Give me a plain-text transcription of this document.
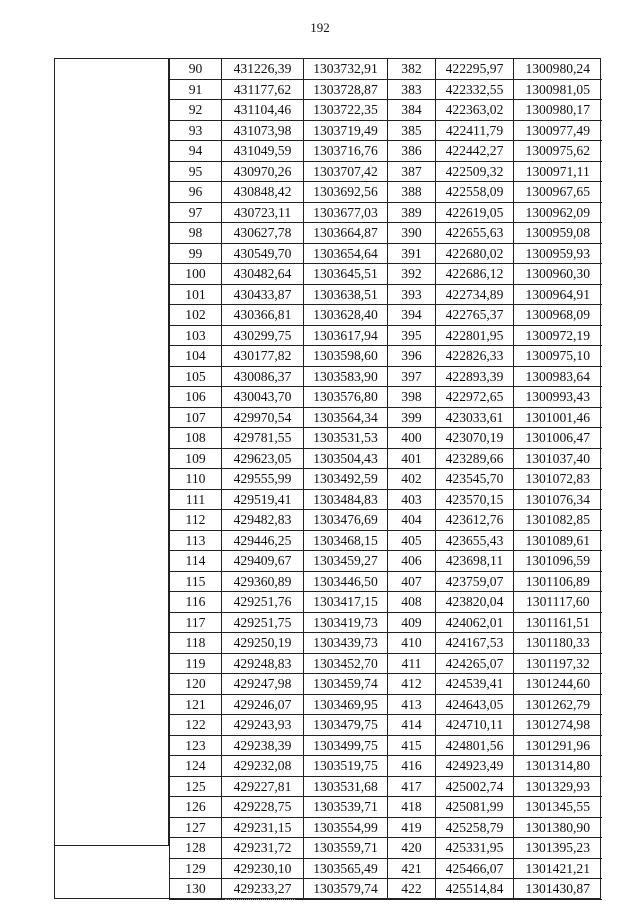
192
90	431226,39	1303732,91	382	422295,97	1300980,24
91	431177,62	1303728,87	383	422332,55	1300981,05
92	431104,46	1303722,35	384	422363,02	1300980,17
93	431073,98	1303719,49	385	422411,79	1300977,49
94	431049,59	1303716,76	386	422442,27	1300975,62
95	430970,26	1303707,42	387	422509,32	1300971,11
96	430848,42	1303692,56	388	422558,09	1300967,65
97	430723,11	1303677,03	389	422619,05	1300962,09
98	430627,78	1303664,87	390	422655,63	1300959,08
99	430549,70	1303654,64	391	422680,02	1300959,93
100	430482,64	1303645,51	392	422686,12	1300960,30
101	430433,87	1303638,51	393	422734,89	1300964,91
102	430366,81	1303628,40	394	422765,37	1300968,09
103	430299,75	1303617,94	395	422801,95	1300972,19
104	430177,82	1303598,60	396	422826,33	1300975,10
105	430086,37	1303583,90	397	422893,39	1300983,64
106	430043,70	1303576,80	398	422972,65	1300993,43
107	429970,54	1303564,34	399	423033,61	1301001,46
108	429781,55	1303531,53	400	423070,19	1301006,47
109	429623,05	1303504,43	401	423289,66	1301037,40
110	429555,99	1303492,59	402	423545,70	1301072,83
111	429519,41	1303484,83	403	423570,15	1301076,34
112	429482,83	1303476,69	404	423612,76	1301082,85
113	429446,25	1303468,15	405	423655,43	1301089,61
114	429409,67	1303459,27	406	423698,11	1301096,59
115	429360,89	1303446,50	407	423759,07	1301106,89
116	429251,76	1303417,15	408	423820,04	1301117,60
117	429251,75	1303419,73	409	424062,01	1301161,51
118	429250,19	1303439,73	410	424167,53	1301180,33
119	429248,83	1303452,70	411	424265,07	1301197,32
120	429247,98	1303459,74	412	424539,41	1301244,60
121	429246,07	1303469,95	413	424643,05	1301262,79
122	429243,93	1303479,75	414	424710,11	1301274,98
123	429238,39	1303499,75	415	424801,56	1301291,96
124	429232,08	1303519,75	416	424923,49	1301314,80
125	429227,81	1303531,68	417	425002,74	1301329,93
126	429228,75	1303539,71	418	425081,99	1301345,55
127	429231,15	1303554,99	419	425258,79	1301380,90
128	429231,72	1303559,71	420	425331,95	1301395,23
129	429230,10	1303565,49	421	425466,07	1301421,21
130	429233,27	1303579,74	422	425514,84	1301430,87
